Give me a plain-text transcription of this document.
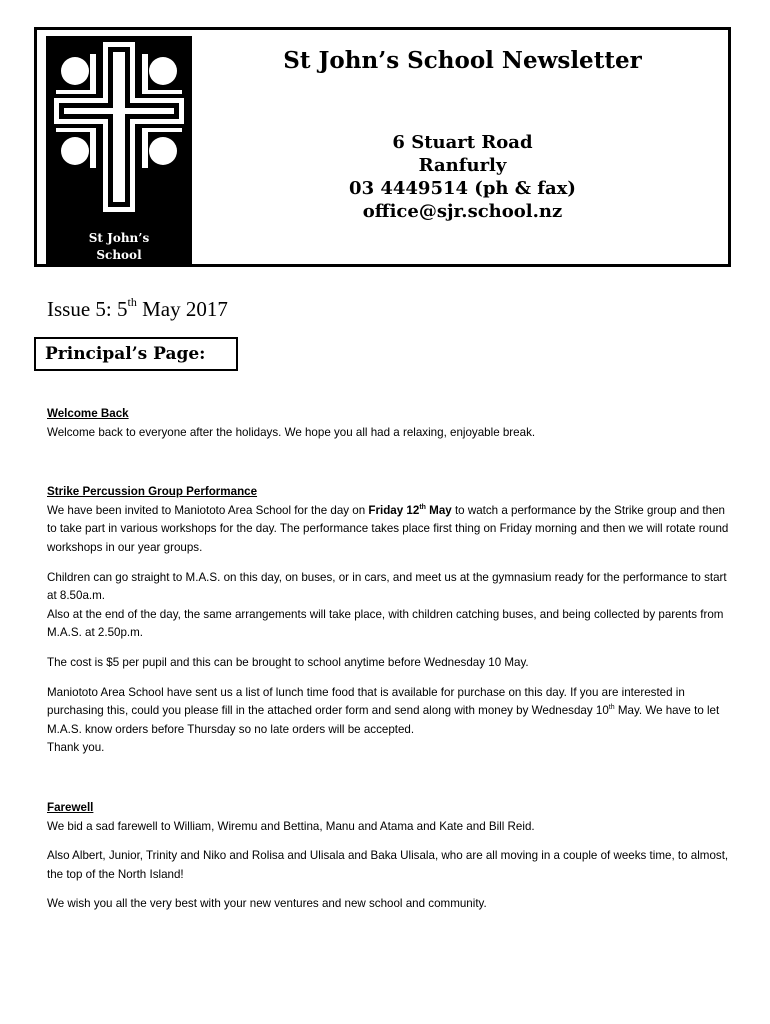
St John’s
School
St John’s School Newsletter
6 Stuart Road
Ranfurly
03 4449514 (ph & fax)
office@sjr.school.nz
Issue 5: 5th May 2017
Principal’s Page:

Welcome Back

Welcome back to everyone after the holidays. We hope you all had a relaxing, enjoyable break.

Strike Percussion Group Performance

We have been invited to Maniototo Area School for the day on Friday 12th May to watch a performance by the Strike group and then to take part in various workshops for the day. The performance takes place first thing on Friday morning and then we will rotate round workshops in our year groups.

Children can go straight to M.A.S. on this day, on buses, or in cars, and meet us at the gymnasium ready for the performance to start at 8.50a.m.

Also at the end of the day, the same arrangements will take place, with children catching buses, and being collected by parents from M.A.S. at 2.50p.m.

The cost is $5 per pupil and this can be brought to school anytime before Wednesday 10 May.

Maniototo Area School have sent us a list of lunch time food that is available for purchase on this day. If you are interested in purchasing this, could you please fill in the attached order form and send along with money by Wednesday 10th May. We have to let M.A.S. know orders before Thursday so no late orders will be accepted.

Thank you.

Farewell

We bid a sad farewell to William, Wiremu and Bettina, Manu and Atama and Kate and Bill Reid.

Also Albert, Junior, Trinity and Niko and Rolisa and Ulisala and Baka Ulisala, who are all moving in a couple of weeks time, to almost, the top of the North Island!

We wish you all the very best with your new ventures and new school and community.
